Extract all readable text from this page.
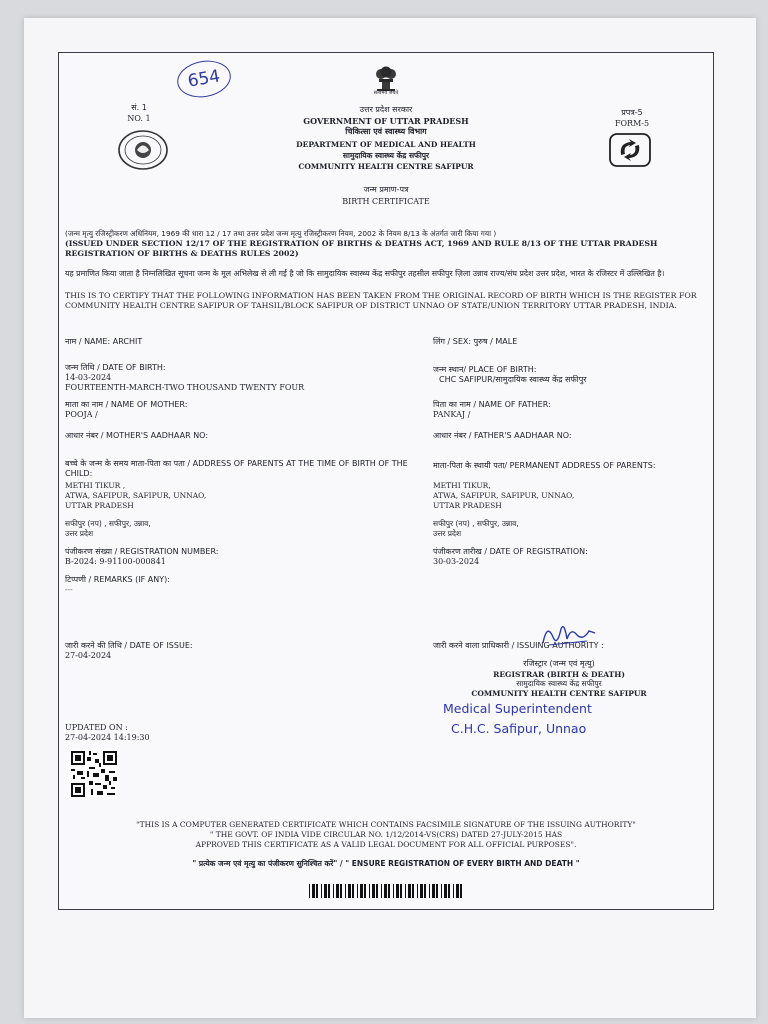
654
सत्यमेव जयते
सं. 1
NO. 1
प्रपत्र-5
FORM-5
उत्तर प्रदेश सरकार
GOVERNMENT OF UTTAR PRADESH
चिकित्सा एवं स्वास्थ्य विभाग
DEPARTMENT OF MEDICAL AND HEALTH
सामुदायिक स्वास्थ्य केंद्र सफीपुर
COMMUNITY HEALTH CENTRE SAFIPUR
जन्म प्रमाण-पत्र
BIRTH CERTIFICATE
(जन्म मृत्यु रजिस्ट्रीकरण अधिनियम, 1969 की धारा 12 / 17 तथा उत्तर प्रदेश जन्म मृत्यु रजिस्ट्रीकरण नियम, 2002 के नियम 8/13 के अंतर्गत जारी किया गया )
(ISSUED UNDER SECTION 12/17 OF THE REGISTRATION OF BIRTHS & DEATHS ACT, 1969 AND RULE 8/13 OF THE UTTAR PRADESH REGISTRATION OF BIRTHS & DEATHS RULES 2002)
यह प्रमाणित किया जाता है निम्नलिखित सूचना जन्म के मूल अभिलेख से ली गई है जो कि सामुदायिक स्वास्थ्य केंद्र सफीपुर तहसील सफीपुर ज़िला उन्नाव राज्य/संघ प्रदेश उत्तर प्रदेश, भारत के रजिस्टर में उल्लिखित है।
THIS IS TO CERTIFY THAT THE FOLLOWING INFORMATION HAS BEEN TAKEN FROM THE ORIGINAL RECORD OF BIRTH WHICH IS THE REGISTER FOR COMMUNITY HEALTH CENTRE SAFIPUR OF TAHSIL/BLOCK SAFIPUR OF DISTRICT UNNAO OF STATE/UNION TERRITORY UTTAR PRADESH, INDIA.
नाम / NAME: ARCHIT	लिंग / SEX: पुरुष / MALE
जन्म तिथि / DATE OF BIRTH:
14-03-2024
FOURTEENTH-MARCH-TWO THOUSAND TWENTY FOUR
जन्म स्थान/ PLACE OF BIRTH:
CHC SAFIPUR/सामुदायिक स्वास्थ्य केंद्र सफीपुर
माता का नाम / NAME OF MOTHER:
POOJA /
पिता का नाम / NAME OF FATHER:
PANKAJ /
आधार नंबर / MOTHER'S AADHAAR NO:	आधार नंबर / FATHER'S AADHAAR NO:
बच्चे के जन्म के समय माता-पिता का पता / ADDRESS OF PARENTS AT THE TIME OF BIRTH OF THE CHILD:
METHI TIKUR ,
ATWA, SAFIPUR, SAFIPUR, UNNAO,
UTTAR PRADESH
सफीपुर (नप) , सफीपुर, उन्नाव,
उत्तर प्रदेश
माता-पिता के स्थायी पता/ PERMANENT ADDRESS OF PARENTS:
METHI TIKUR,
ATWA, SAFIPUR, SAFIPUR, UNNAO,
UTTAR PRADESH
सफीपुर (नप) , सफीपुर, उन्नाव,
उत्तर प्रदेश
पंजीकरण संख्या / REGISTRATION NUMBER:
B-2024: 9-91100-000841
पंजीकरण तारीख / DATE OF REGISTRATION:
30-03-2024
टिप्पणी / REMARKS (IF ANY):
---
जारी करने की तिथि / DATE OF ISSUE:
27-04-2024
जारी करने वाला प्राधिकारी / ISSUING AUTHORITY :
रजिस्ट्रार (जन्म एवं मृत्यु)
REGISTRAR (BIRTH & DEATH)
सामुदायिक स्वास्थ्य केंद्र सफीपुर
COMMUNITY HEALTH CENTRE SAFIPUR
Medical Superintendent
C.H.C. Safipur, Unnao
UPDATED ON :
27-04-2024 14:19:30
"THIS IS A COMPUTER GENERATED CERTIFICATE WHICH CONTAINS FACSIMILE SIGNATURE OF THE ISSUING AUTHORITY"
" THE GOVT. OF INDIA VIDE CIRCULAR NO. 1/12/2014-VS(CRS) DATED 27-JULY-2015 HAS
APPROVED THIS CERTIFICATE AS A VALID LEGAL DOCUMENT FOR ALL OFFICIAL PURPOSES".
" प्रत्येक जन्म एवं मृत्यु का पंजीकरण सुनिश्चित करें" / " ENSURE REGISTRATION OF EVERY BIRTH AND DEATH "
